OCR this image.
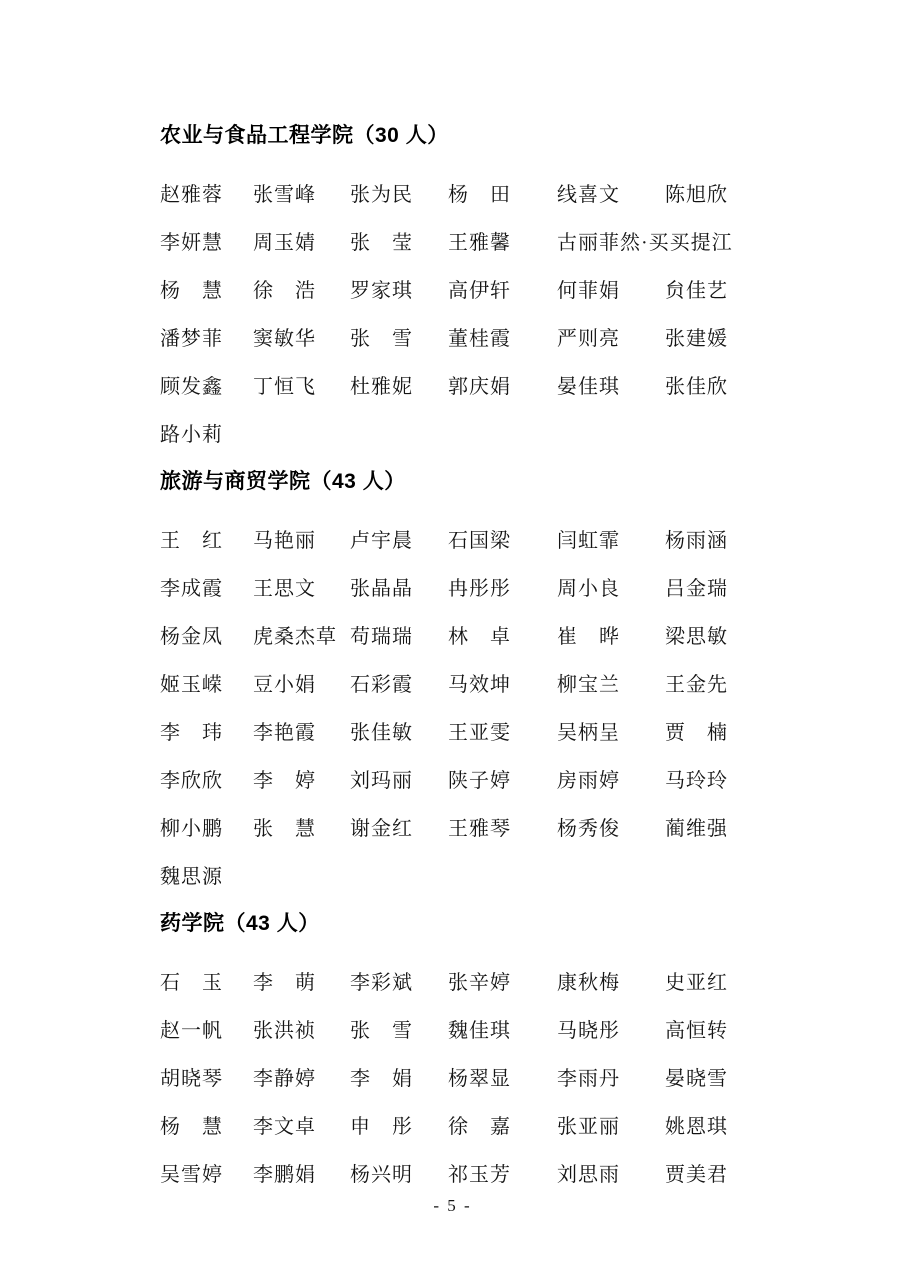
农业与食品工程学院（30 人）
赵雅蓉	张雪峰	张为民	杨　田	线喜文	陈旭欣
李妍慧	周玉婧	张　莹	王雅馨	古丽菲然·买买提江
杨　慧	徐　浩	罗家琪	高伊轩	何菲娟	贠佳艺
潘梦菲	窦敏华	张　雪	董桂霞	严则亮	张建媛
顾发鑫	丁恒飞	杜雅妮	郭庆娟	晏佳琪	张佳欣
路小莉
旅游与商贸学院（43 人）
王　红	马艳丽	卢宇晨	石国梁	闫虹霏	杨雨涵
李成霞	王思文	张晶晶	冉彤彤	周小良	吕金瑞
杨金凤	虎桑杰草 苟瑞瑞	林　卓	崔　晔	梁思敏
姬玉嵘	豆小娟	石彩霞	马效坤	柳宝兰	王金先
李　玮	李艳霞	张佳敏	王亚雯	吴柄呈	贾　楠
李欣欣	李　婷	刘玛丽	陕子婷	房雨婷	马玲玲
柳小鹏	张　慧	谢金红	王雅琴	杨秀俊	蔺维强
魏思源
药学院（43 人）
石　玉	李　萌	李彩斌	张辛婷	康秋梅	史亚红
赵一帆	张洪祯	张　雪	魏佳琪	马晓彤	高恒转
胡晓琴	李静婷	李　娟	杨翠显	李雨丹	晏晓雪
杨　慧	李文卓	申　彤	徐　嘉	张亚丽	姚恩琪
吴雪婷	李鹏娟	杨兴明	祁玉芳	刘思雨	贾美君
- 5 -
